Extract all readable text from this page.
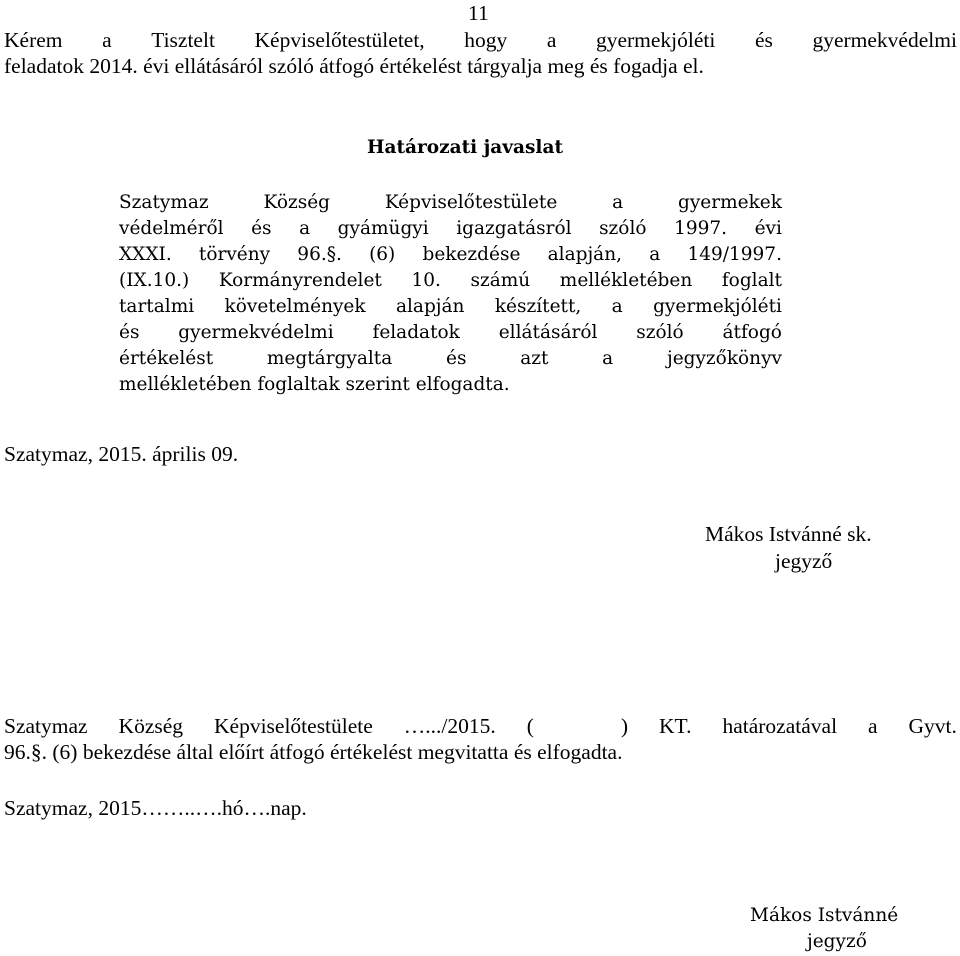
11
Kérem a Tisztelt Képviselőtestületet, hogy a gyermekjóléti és gyermekvédelmi
feladatok 2014. évi ellátásáról szóló átfogó értékelést tárgyalja meg és fogadja el.
Határozati javaslat
Szatymaz	Község	Képviselőtestülete	a	gyermekek
védelméről és a gyámügyi igazgatásról szóló 1997. évi
XXXI. törvény 96.§. (6) bekezdése alapján, a 149/1997.
(IX.10.) Kormányrendelet 10. számú mellékletében foglalt
tartalmi követelmények alapján készített, a gyermekjóléti
és gyermekvédelmi feladatok ellátásáról szóló átfogó
értékelést	megtárgyalta	és	azt	a	jegyzőkönyv
mellékletében foglaltak szerint elfogadta.
Szatymaz, 2015. április 09.
Mákos Istvánné sk.
jegyző
Szatymaz Község Képviselőtestülete ….../2015. (	) KT. határozatával a Gyvt.
96.§. (6) bekezdése által előírt átfogó értékelést megvitatta és elfogadta.
Szatymaz, 2015……..….hó….nap.
Mákos Istvánné
jegyző
